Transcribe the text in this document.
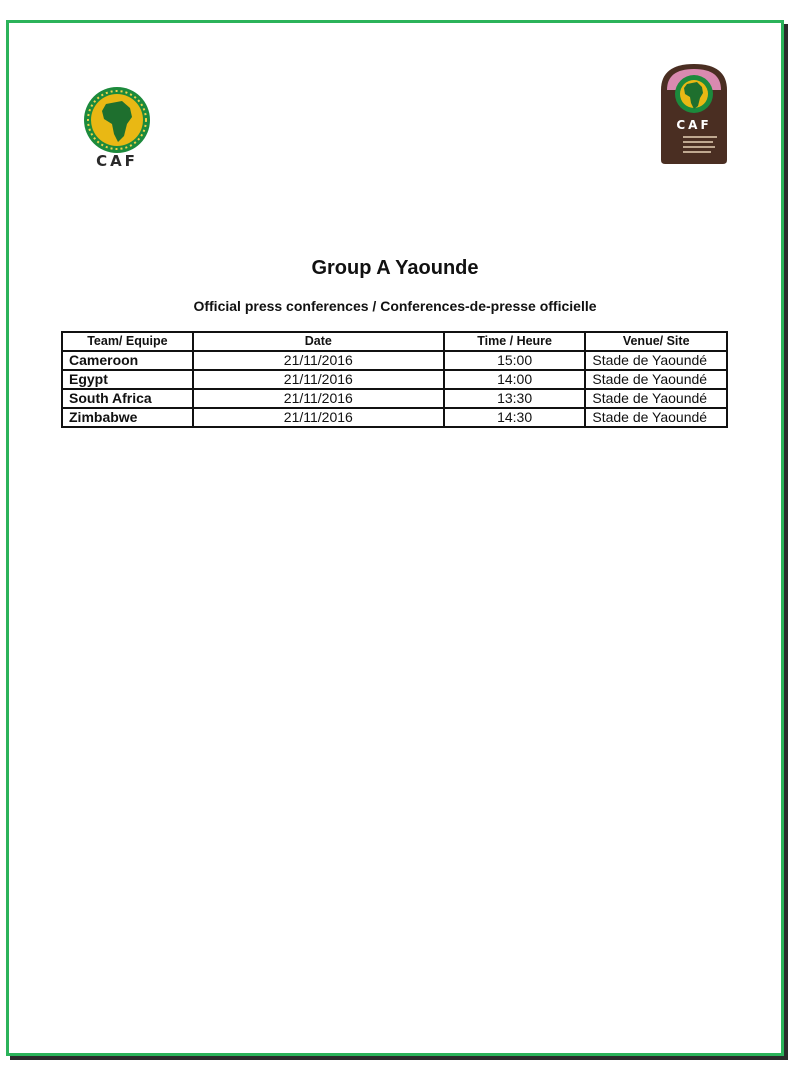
CAF
CAF
Group A Yaounde
Official press conferences / Conferences-de-presse officielle
Team/ Equipe	Date	Time / Heure	Venue/ Site
Cameroon	21/11/2016	15:00	Stade de Yaoundé
Egypt	21/11/2016	14:00	Stade de Yaoundé
South Africa	21/11/2016	13:30	Stade de Yaoundé
Zimbabwe	21/11/2016	14:30	Stade de Yaoundé
